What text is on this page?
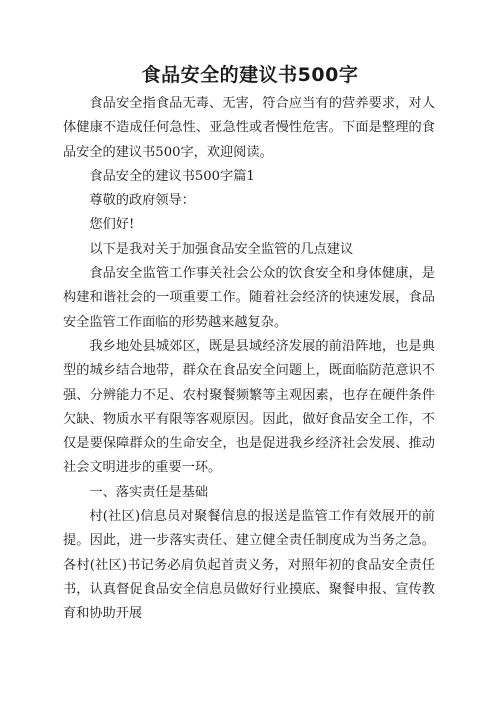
食品安全的建议书500字

食品安全指食品无毒、无害，符合应当有的营养要求，对人体健康不造成任何急性、亚急性或者慢性危害。下面是整理的食品安全的建议书500字，欢迎阅读。

食品安全的建议书500字篇1

尊敬的政府领导：

您们好!

以下是我对关于加强食品安全监管的几点建议

食品安全监管工作事关社会公众的饮食安全和身体健康，是构建和谐社会的一项重要工作。随着社会经济的快速发展，食品安全监管工作面临的形势越来越复杂。

我乡地处县城郊区，既是县域经济发展的前沿阵地，也是典型的城乡结合地带，群众在食品安全问题上，既面临防范意识不强、分辨能力不足、农村聚餐频繁等主观因素，也存在硬件条件欠缺、物质水平有限等客观原因。因此，做好食品安全工作，不仅是要保障群众的生命安全，也是促进我乡经济社会发展、推动社会文明进步的重要一环。

一、落实责任是基础

村(社区)信息员对聚餐信息的报送是监管工作有效展开的前提。因此，进一步落实责任、建立健全责任制度成为当务之急。各村(社区)书记务必肩负起首责义务，对照年初的食品安全责任书，认真督促食品安全信息员做好行业摸底、聚餐申报、宣传教育和协助开展
